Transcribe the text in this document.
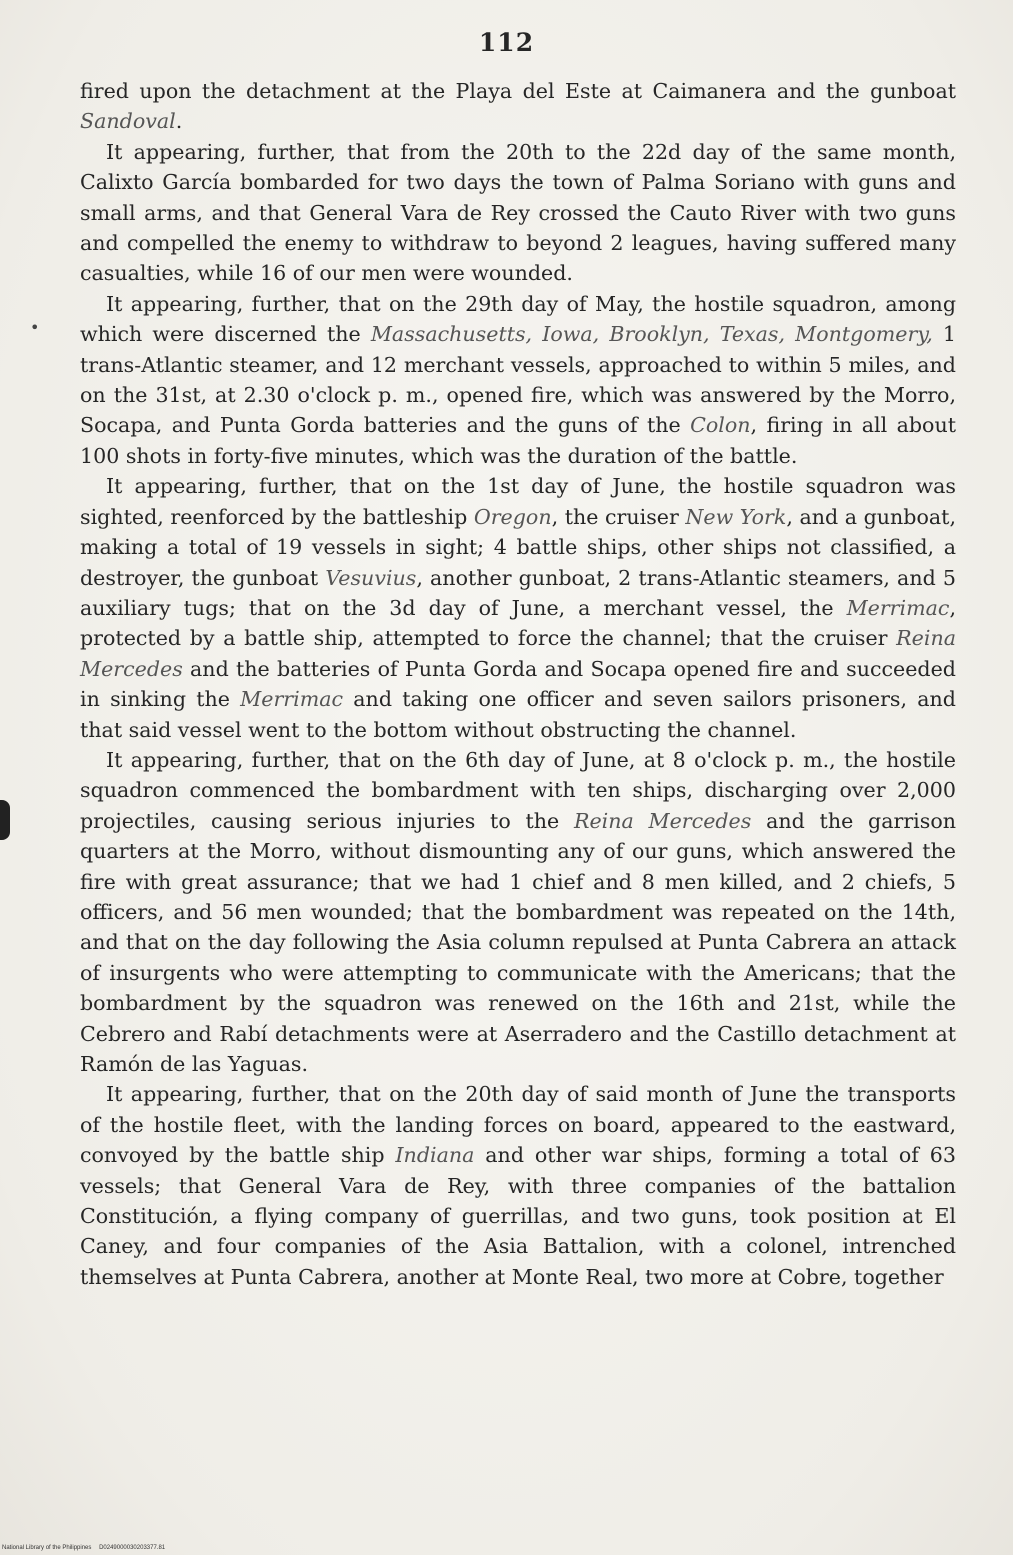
112
•

fired upon the detachment at the Playa del Este at Caimanera and the gunboat Sandoval.

It appearing, further, that from the 20th to the 22d day of the same month, Calixto García bombarded for two days the town of Palma Soriano with guns and small arms, and that General Vara de Rey crossed the Cauto River with two guns and compelled the enemy to withdraw to beyond 2 leagues, having suffered many casualties, while 16 of our men were wounded.

It appearing, further, that on the 29th day of May, the hostile squadron, among which were discerned the Massachusetts, Iowa, Brooklyn, Texas, Montgomery, 1 trans-Atlantic steamer, and 12 merchant vessels, approached to within 5 miles, and on the 31st, at 2.30 o'clock p. m., opened fire, which was answered by the Morro, Socapa, and Punta Gorda batteries and the guns of the Colon, firing in all about 100 shots in forty-five minutes, which was the duration of the battle.

It appearing, further, that on the 1st day of June, the hostile squadron was sighted, reenforced by the battleship Oregon, the cruiser New York, and a gunboat, making a total of 19 vessels in sight; 4 battle ships, other ships not classified, a destroyer, the gunboat Vesuvius, another gunboat, 2 trans-Atlantic steamers, and 5 auxiliary tugs; that on the 3d day of June, a merchant vessel, the Merrimac, protected by a battle ship, attempted to force the channel; that the cruiser Reina Mercedes and the batteries of Punta Gorda and Socapa opened fire and succeeded in sinking the Merrimac and taking one officer and seven sailors prisoners, and that said vessel went to the bottom without obstructing the channel.

It appearing, further, that on the 6th day of June, at 8 o'clock p. m., the hostile squadron commenced the bombardment with ten ships, discharging over 2,000 projectiles, causing serious injuries to the Reina Mercedes and the garrison quarters at the Morro, without dismounting any of our guns, which answered the fire with great assurance; that we had 1 chief and 8 men killed, and 2 chiefs, 5 officers, and 56 men wounded; that the bombardment was repeated on the 14th, and that on the day following the Asia column repulsed at Punta Cabrera an attack of insurgents who were attempting to communicate with the Americans; that the bombardment by the squadron was renewed on the 16th and 21st, while the Cebrero and Rabí detachments were at Aserradero and the Castillo detachment at Ramón de las Yaguas.

It appearing, further, that on the 20th day of said month of June the transports of the hostile fleet, with the landing forces on board, appeared to the eastward, convoyed by the battle ship Indiana and other war ships, forming a total of 63 vessels; that General Vara de Rey, with three companies of the battalion Constitución, a flying company of guerrillas, and two guns, took position at El Caney, and four companies of the Asia Battalion, with a colonel, intrenched themselves at Punta Cabrera, another at Monte Real, two more at Cobre, together

National Library of the Philippines D0249000030203377.81
